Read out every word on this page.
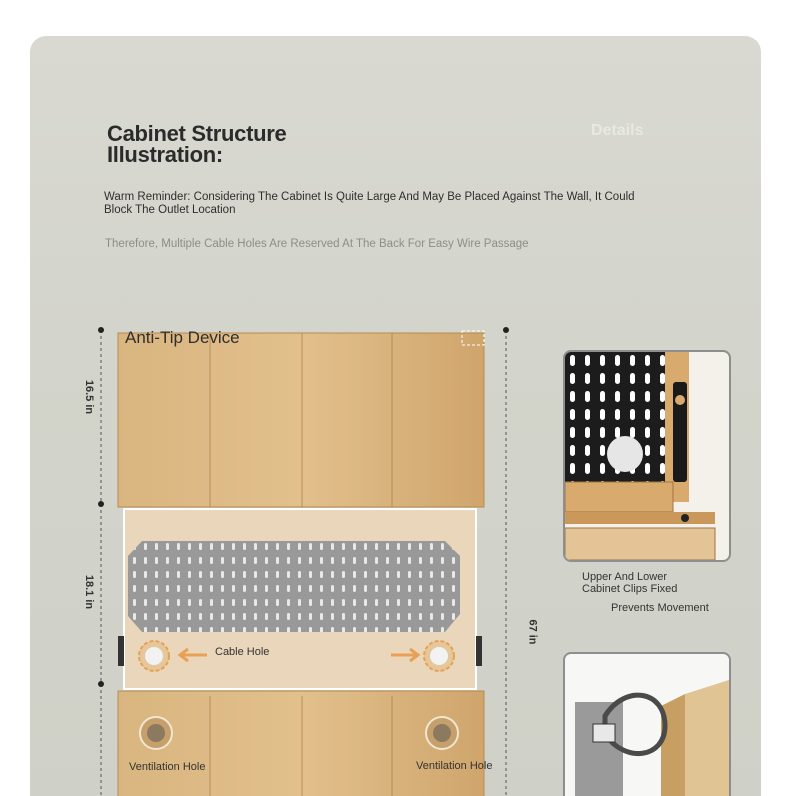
Cabinet Structure
Illustration:
Details
Warm Reminder: Considering The Cabinet Is Quite Large And May Be Placed Against The Wall, It Could Block The Outlet Location
Therefore, Multiple Cable Holes Are Reserved At The Back For Easy Wire Passage
Anti-Tip Device
16.5 in
18.1 in
67 in
Cable Hole
Ventilation Hole	Ventilation Hole
Upper And Lower
Cabinet Clips Fixed
Prevents Movement
